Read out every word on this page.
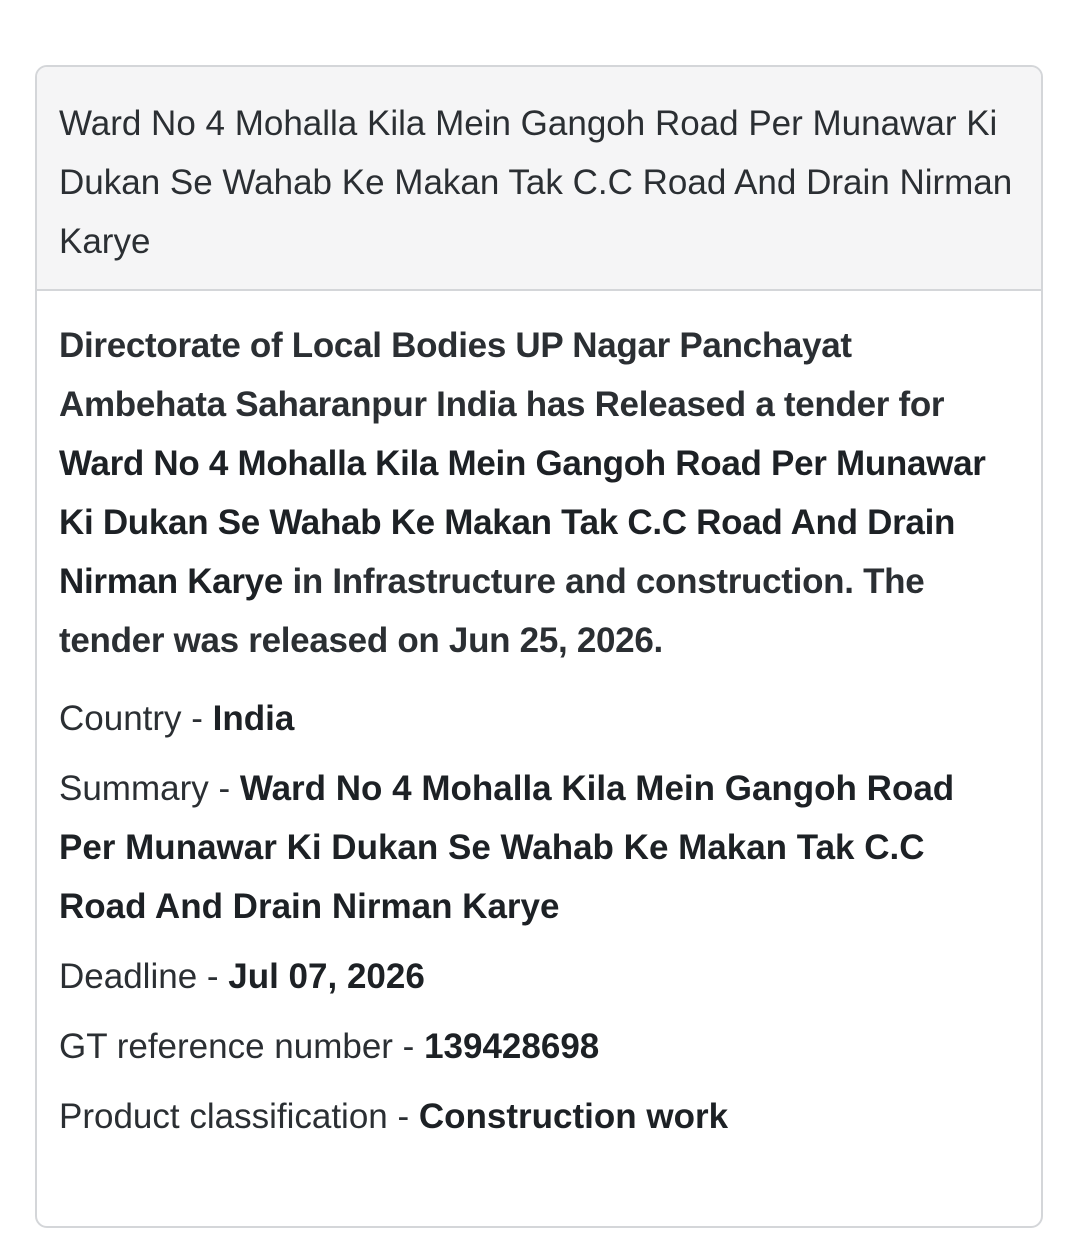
Ward No 4 Mohalla Kila Mein Gangoh Road Per Munawar Ki Dukan Se Wahab Ke Makan Tak C.C Road And Drain Nirman Karye

Directorate of Local Bodies UP Nagar Panchayat Ambehata Saharanpur India has Released a tender for Ward No 4 Mohalla Kila Mein Gangoh Road Per Munawar Ki Dukan Se Wahab Ke Makan Tak C.C Road And Drain Nirman Karye in Infrastructure and construction. The tender was released on Jun 25, 2026.

Country - India

Summary - Ward No 4 Mohalla Kila Mein Gangoh Road Per Munawar Ki Dukan Se Wahab Ke Makan Tak C.C Road And Drain Nirman Karye

Deadline - Jul 07, 2026

GT reference number - 139428698

Product classification - Construction work
